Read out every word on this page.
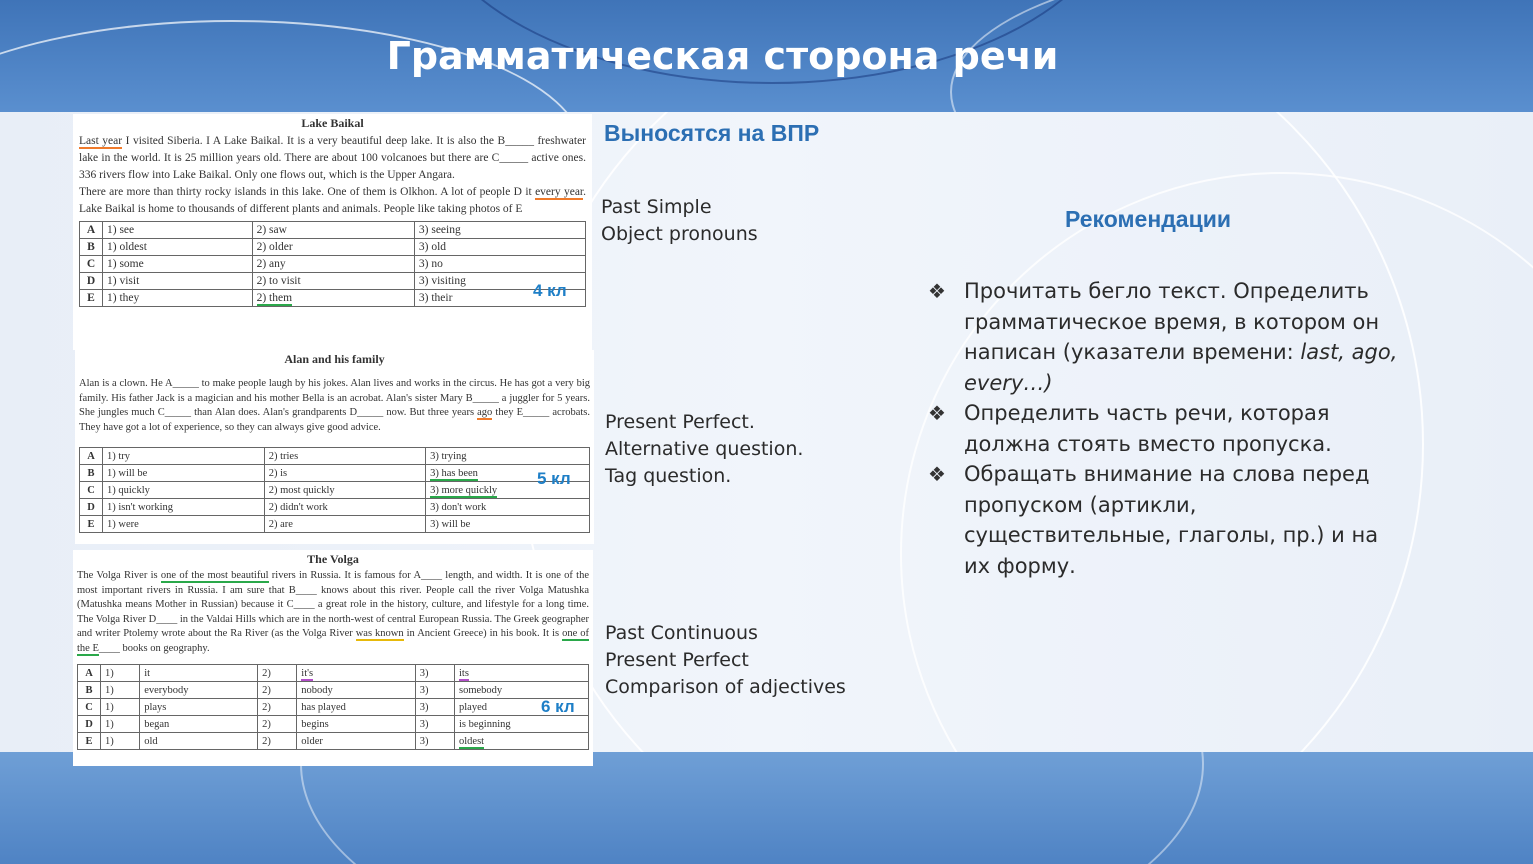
Грамматическая сторона речи
Lake Baikal
Last year I visited Siberia. I A Lake Baikal. It is a very beautiful deep lake. It is also the B_____ freshwater lake in the world. It is 25 million years old. There are about 100 volcanoes but there are C_____ active ones. 336 rivers flow into Lake Baikal. Only one flows out, which is the Upper Angara.
There are more than thirty rocky islands in this lake. One of them is Olkhon. A lot of people D it every year. Lake Baikal is home to thousands of different plants and animals. People like taking photos of E
A	1) see	2) saw	3) seeing
B	1) oldest	2) older	3) old
C	1) some	2) any	3) no
D	1) visit	2) to visit	3) visiting
E	1) they	2) them	3) their	4 кл
Alan and his family
Alan is a clown. He A_____ to make people laugh by his jokes. Alan lives and works in the circus. He has got a very big family. His father Jack is a magician and his mother Bella is an acrobat. Alan's sister Mary B_____ a juggler for 5 years. She jungles much C_____ than Alan does. Alan's grandparents D_____ now. But three years ago they E_____ acrobats. They have got a lot of experience, so they can always give good advice.
A	1) try	2) tries	3) trying
B	1) will be	2) is	3) has been
C	1) quickly	2) most quickly	3) more quickly
D	1) isn't working	2) didn't work	3) don't work
E	1) were	2) are	3) will be
5 кл
The Volga
The Volga River is one of the most beautiful rivers in Russia. It is famous for A____ length, and width. It is one of the most important rivers in Russia. I am sure that B____ knows about this river. People call the river Volga Matushka (Matushka means Mother in Russian) because it C____ a great role in the history, culture, and lifestyle for a long time. The Volga River D____ in the Valdai Hills which are in the north-west of central European Russia. The Greek geographer and writer Ptolemy wrote about the Ra River (as the Volga River was known in Ancient Greece) in his book. It is one of the E____ books on geography.
A	1)	it	2)	it's	3)	its
B	1)	everybody	2)	nobody	3)	somebody
C	1)	plays	2)	has played	3)	played
D	1)	began	2)	begins	3)	is beginning
E	1)	old	2)	older	3)	oldest
6 кл
Выносятся на ВПР
Past Simple
Object pronouns
Present Perfect.
Alternative question.
Tag question.
Past Continuous
Present Perfect
Comparison of adjectives
Рекомендации
❖ Прочитать бегло текст. Определить грамматическое время, в котором он написан (указатели времени: last, ago, every…)
❖ Определить часть речи, которая должна стоять вместо пропуска.
❖ Обращать внимание на слова перед пропуском (артикли, существительные, глаголы, пр.) и на их форму.
